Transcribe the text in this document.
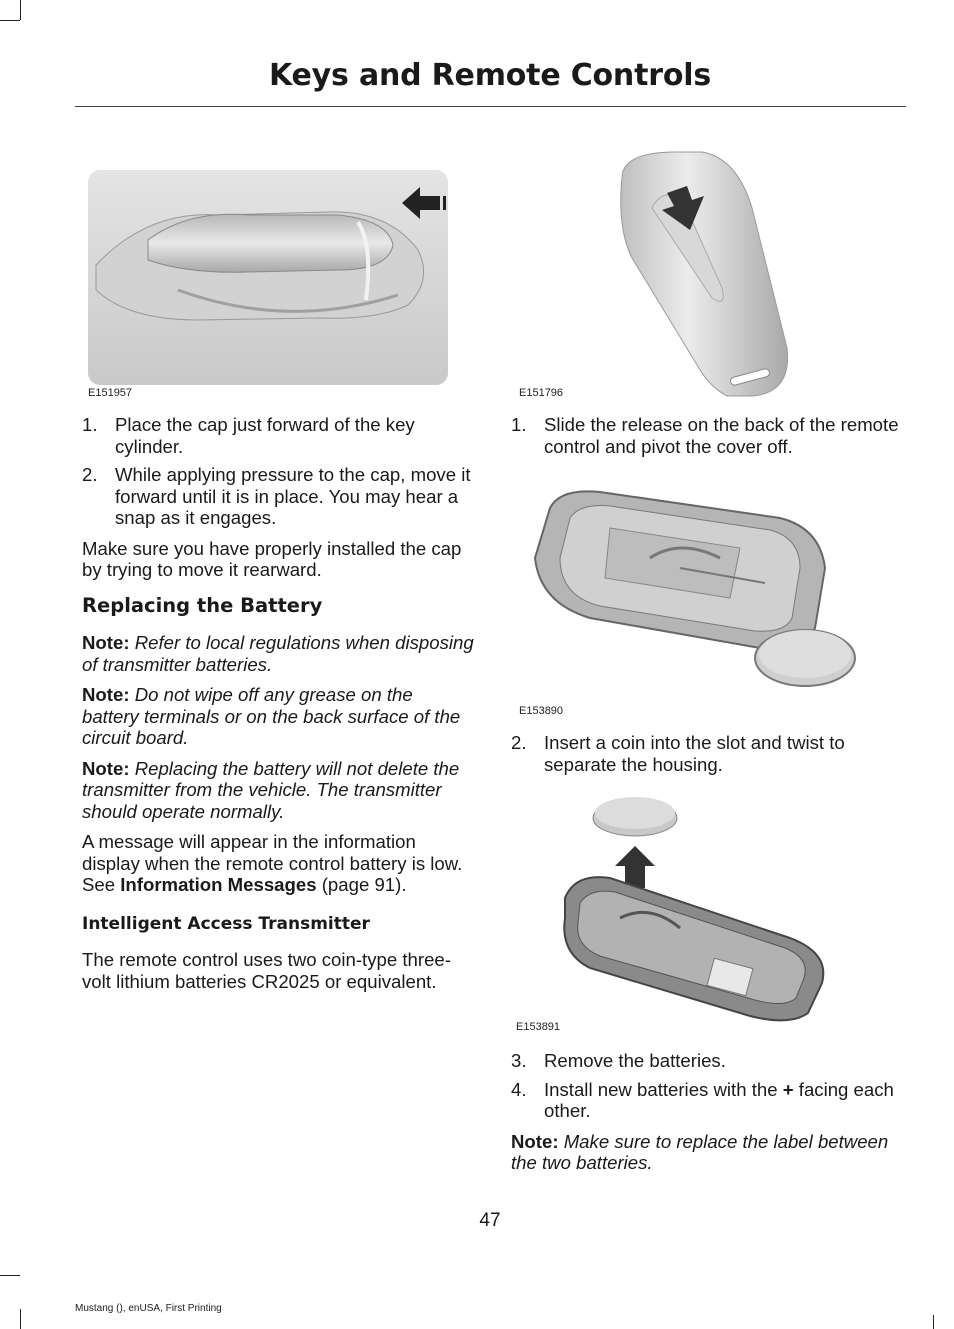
Keys and Remote Controls
E151957	E151796
1. Place the cap just forward of the key cylinder.
2. While applying pressure to the cap, move it forward until it is in place. You may hear a snap as it engages.

Make sure you have properly installed the cap by trying to move it rearward.

Replacing the Battery

Note: Refer to local regulations when disposing of transmitter batteries.

Note: Do not wipe off any grease on the battery terminals or on the back surface of the circuit board.

Note: Replacing the battery will not delete the transmitter from the vehicle. The transmitter should operate normally.

A message will appear in the information display when the remote control battery is low. See Information Messages (page 91).

Intelligent Access Transmitter

The remote control uses two coin-type three-volt lithium batteries CR2025 or equivalent.

1. Slide the release on the back of the remote control and pivot the cover off.
E153890
2. Insert a coin into the slot and twist to separate the housing.
E153891
3. Remove the batteries.
4. Install new batteries with the + facing each other.

Note: Make sure to replace the label between the two batteries.

47
Mustang (), enUSA, First Printing
